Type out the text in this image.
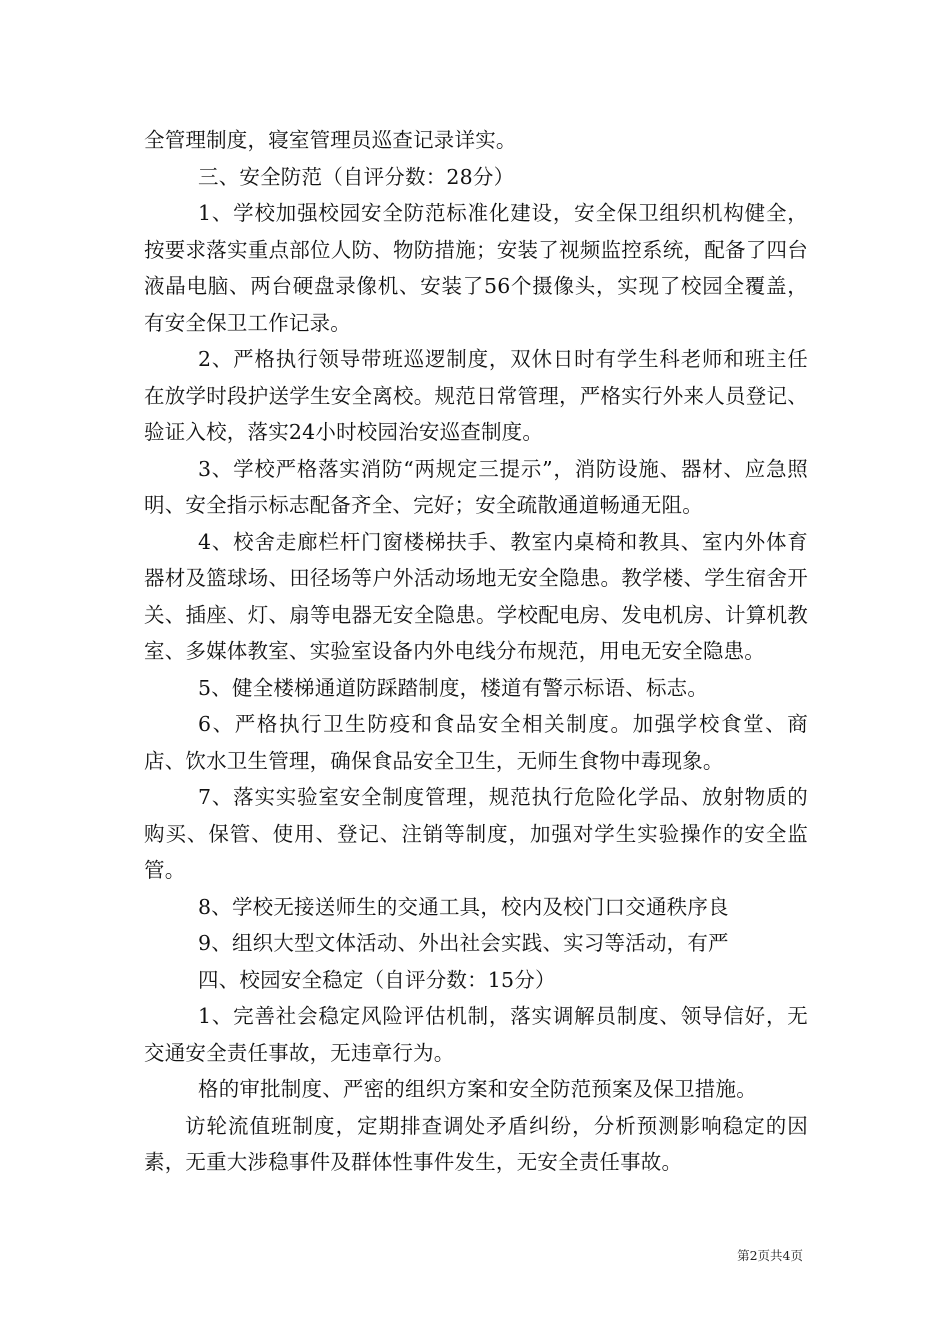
全管理制度，寝室管理员巡查记录详实。

三、安全防范（自评分数：28分）

1、学校加强校园安全防范标准化建设，安全保卫组织机构健全，按要求落实重点部位人防、物防措施；安装了视频监控系统，配备了四台液晶电脑、两台硬盘录像机、安装了56个摄像头，实现了校园全覆盖，有安全保卫工作记录。

2、严格执行领导带班巡逻制度，双休日时有学生科老师和班主任在放学时段护送学生安全离校。规范日常管理，严格实行外来人员登记、验证入校，落实24小时校园治安巡查制度。

3、学校严格落实消防“两规定三提示”，消防设施、器材、应急照明、安全指示标志配备齐全、完好；安全疏散通道畅通无阻。

4、校舍走廊栏杆门窗楼梯扶手、教室内桌椅和教具、室内外体育器材及篮球场、田径场等户外活动场地无安全隐患。教学楼、学生宿舍开关、插座、灯、扇等电器无安全隐患。学校配电房、发电机房、计算机教室、多媒体教室、实验室设备内外电线分布规范，用电无安全隐患。

5、健全楼梯通道防踩踏制度，楼道有警示标语、标志。

6、严格执行卫生防疫和食品安全相关制度。加强学校食堂、商店、饮水卫生管理，确保食品安全卫生，无师生食物中毒现象。

7、落实实验室安全制度管理，规范执行危险化学品、放射物质的购买、保管、使用、登记、注销等制度，加强对学生实验操作的安全监管。

8、学校无接送师生的交通工具，校内及校门口交通秩序良

9、组织大型文体活动、外出社会实践、实习等活动，有严

四、校园安全稳定（自评分数：15分）

1、完善社会稳定风险评估机制，落实调解员制度、领导信好，无交通安全责任事故，无违章行为。

格的审批制度、严密的组织方案和安全防范预案及保卫措施。

访轮流值班制度，定期排查调处矛盾纠纷，分析预测影响稳定的因素，无重大涉稳事件及群体性事件发生，无安全责任事故。

第2页共4页
